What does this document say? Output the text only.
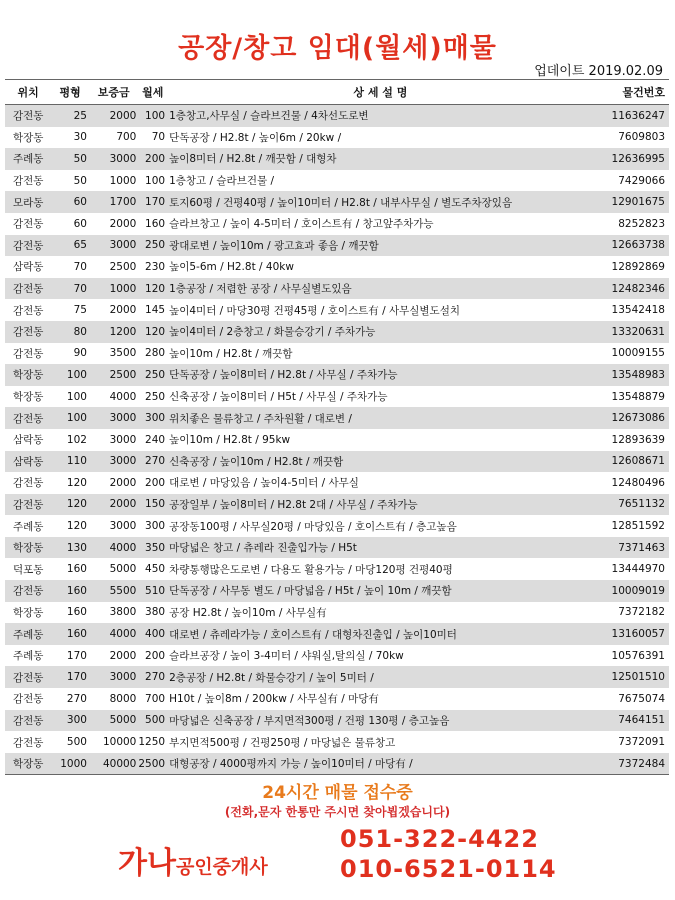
공장/창고 임대(월세)매물
업데이트 2019.02.09
위치	평형	보증금	월세	상 세 설 명	물건번호
감전동	25	2000	100	1층창고,사무실 / 슬라브건물 / 4차선도로변	11636247
학장동	30	700	70	단독공장 / H2.8t / 높이6m / 20kw /	7609803
주례동	50	3000	200	높이8미터 / H2.8t / 깨끗함 / 대형차	12636995
감전동	50	1000	100	1층창고 / 슬라브건물 /	7429066
모라동	60	1700	170	토지60평 / 건평40평 / 높이10미터 / H2.8t / 내부사무실 / 별도주차장있음	12901675
감전동	60	2000	160	슬라브창고 / 높이 4-5미터 / 호이스트有 / 창고앞주차가능	8252823
감전동	65	3000	250	광대로변 / 높이10m / 광고효과 좋음 / 깨끗함	12663738
삼락동	70	2500	230	높이5-6m / H2.8t / 40kw	12892869
감전동	70	1000	120	1층공장 / 저렴한 공장 / 사무실별도있음	12482346
감전동	75	2000	145	높이4미터 / 마당30평 건평45평 / 호이스트有 / 사무실별도설치	13542418
감전동	80	1200	120	높이4미터 / 2층창고 / 화물승강기 / 주차가능	13320631
감전동	90	3500	280	높이10m / H2.8t / 깨끗함	10009155
학장동	100	2500	250	단독공장 / 높이8미터 / H2.8t / 사무실 / 주차가능	13548983
학장동	100	4000	250	신축공장 / 높이8미터 / H5t / 사무실 / 주차가능	13548879
감전동	100	3000	300	위치좋은 물류창고 / 주차원활 / 대로변 /	12673086
삼락동	102	3000	240	높이10m / H2.8t / 95kw	12893639
삼락동	110	3000	270	신축공장 / 높이10m / H2.8t / 깨끗함	12608671
감전동	120	2000	200	대로변 / 마당있음 / 높이4-5미터 / 사무실	12480496
감전동	120	2000	150	공장일부 / 높이8미터 / H2.8t 2대 / 사무실 / 주차가능	7651132
주례동	120	3000	300	공장동100평 / 사무실20평 / 마당있음 / 호이스트有 / 층고높음	12851592
학장동	130	4000	350	마당넓은 창고 / 츄레라 진출입가능 / H5t	7371463
덕포동	160	5000	450	차량통행많은도로변 / 다용도 활용가능 / 마당120평 건평40평	13444970
감전동	160	5500	510	단독공장 / 사무동 별도 / 마당넓음 / H5t / 높이 10m / 깨끗함	10009019
학장동	160	3800	380	공장 H2.8t / 높이10m / 사무실有	7372182
주례동	160	4000	400	대로변 / 츄레라가능 / 호이스트有 / 대형차진출입 / 높이10미터	13160057
주례동	170	2000	200	슬라브공장 / 높이 3-4미터 / 샤워실,탈의실 / 70kw	10576391
감전동	170	3000	270	2층공장 / H2.8t / 화물승강기 / 높이 5미터 /	12501510
감전동	270	8000	700	H10t / 높이8m / 200kw / 사무실有 / 마당有	7675074
감전동	300	5000	500	마당넓은 신축공장 / 부지면적300평 / 건평 130평 / 층고높음	7464151
감전동	500	10000	1250	부지면적500평 / 건평250평 / 마당넓은 물류창고	7372091
학장동	1000	40000	2500	대형공장 / 4000평까지 가능 / 높이10미터 / 마당有 /	7372484
24시간 매물 접수중
(전화,문자 한통만 주시면 찾아뵙겠습니다)
가나공인중개사
051-322-4422
010-6521-0114
